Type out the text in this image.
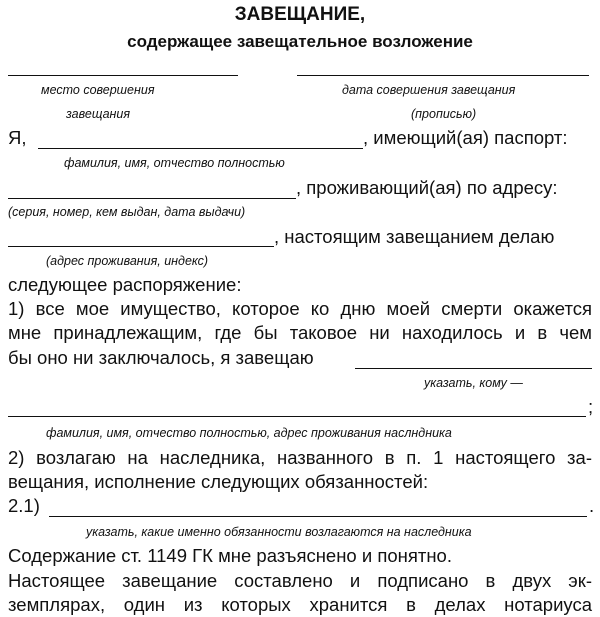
ЗАВЕЩАНИЕ,
содержащее завещательное возложение
место совершения
завещания
дата совершения завещания
(прописью)
Я,	, имеющий(ая) паспорт:
фамилия, имя, отчество полностью
, проживающий(ая) по адресу:
(серия, номер, кем выдан, дата выдачи)
, настоящим завещанием делаю
(адрес проживания, индекс)
следующее распоряжение:
1) все мое имущество, которое ко дню моей смерти окажется
мне принадлежащим, где бы таковое ни находилось и в чем
бы оно ни заключалось, я завещаю
указать, кому —
;
фамилия, имя, отчество полностью, адрес проживания наслндника
2) возлагаю на наследника, названного в п. 1 настоящего за-
вещания, исполнение следующих обязанностей:
2.1)	.
указать, какие именно обязанности возлагаются на наследника
Содержание ст. 1149 ГК мне разъяснено и понятно.
Настоящее завещание составлено и подписано в двух эк-
земплярах, один из которых хранится в делах нотариуса
